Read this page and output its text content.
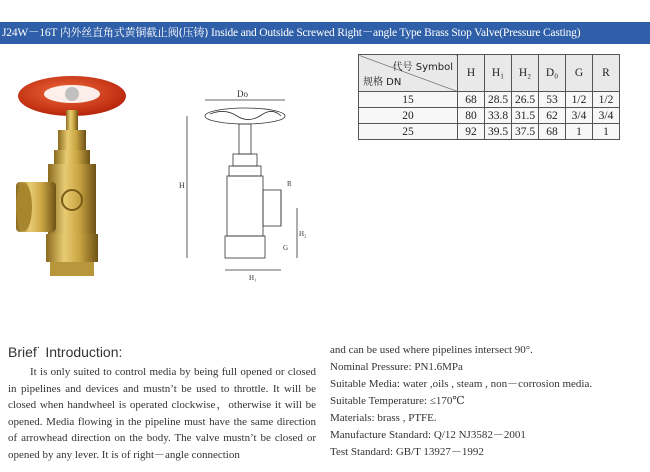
J24W－16T 内外丝直角式黄铜截止阀(压铸) Inside and Outside Screwed Right－angle Type Brass Stop Valve(Pressure Casting)
Do
H	R
H₂
G
H₁
代号 Symbol
规格 DN	H	H₁	H₂	D₀	G	R
15	68	28.5	26.5	53	1/2	1/2
20	80	33.8	31.5	62	3/4	3/4
25	92	39.5	37.5	68	1	1
Brief˙ Introduction:
It is only suited to control media by being full opened or closed in pipelines and devices and mustn’t be used to throttle. It will be closed when handwheel is operated clockwise，otherwise it will be opened. Media flowing in the pipeline must have the same direction of arrowhead direction on the body. The valve mustn’t be closed or opened by any lever. It is of right－angle connection
and can be used where pipelines intersect 90°.
Nominal Pressure: PN1.6MPa
Suitable Media: water ,oils , steam , non－corrosion media.
Suitable Temperature: ≤170℃
Materials: brass , PTFE.
Manufacture Standard: Q/12 NJ3582－2001
Test Standard: GB/T 13927－1992
